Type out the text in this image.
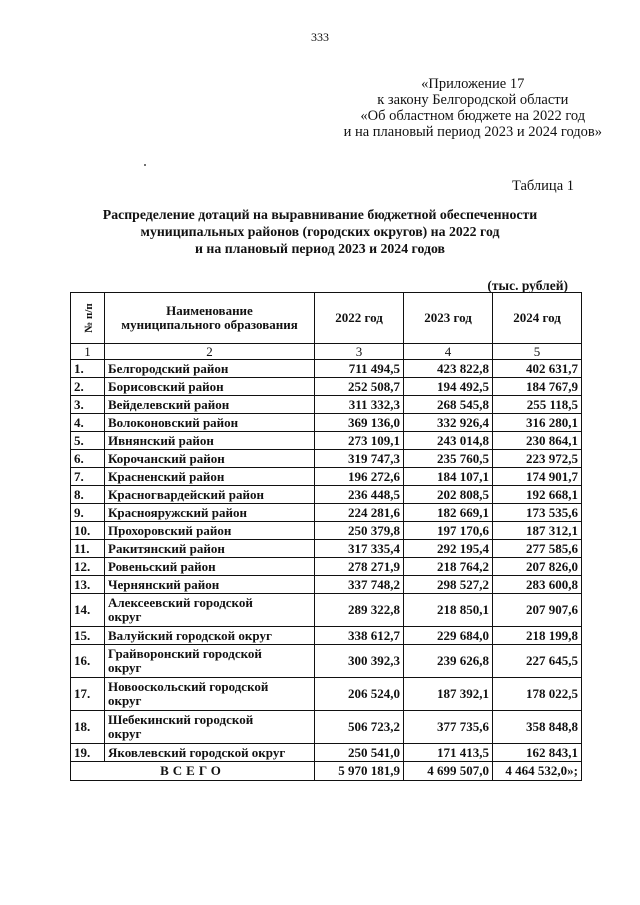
333
«Приложение 17
к закону Белгородской области
«Об областном бюджете на 2022 год
и на плановый период 2023 и 2024 годов»
Таблица 1
Распределение дотаций на выравнивание бюджетной обеспеченности
муниципальных районов (городских округов) на 2022 год
и на плановый период 2023 и 2024 годов
(тыс. рублей)
№ п/п	Наименование
муниципального образования	2022 год	2023 год	2024 год
1	2	3	4	5
1.	Белгородский район	711 494,5	423 822,8	402 631,7
2.	Борисовский район	252 508,7	194 492,5	184 767,9
3.	Вейделевский район	311 332,3	268 545,8	255 118,5
4.	Волоконовский район	369 136,0	332 926,4	316 280,1
5.	Ивнянский район	273 109,1	243 014,8	230 864,1
6.	Корочанский район	319 747,3	235 760,5	223 972,5
7.	Красненский район	196 272,6	184 107,1	174 901,7
8.	Красногвардейский район	236 448,5	202 808,5	192 668,1
9.	Краснояружский район	224 281,6	182 669,1	173 535,6
10.	Прохоровский район	250 379,8	197 170,6	187 312,1
11.	Ракитянский район	317 335,4	292 195,4	277 585,6
12.	Ровеньский район	278 271,9	218 764,2	207 826,0
13.	Чернянский район	337 748,2	298 527,2	283 600,8
14.	Алексеевский городской
округ	289 322,8	218 850,1	207 907,6
15.	Валуйский городской округ	338 612,7	229 684,0	218 199,8
16.	Грайворонский городской
округ	300 392,3	239 626,8	227 645,5
17.	Новооскольский городской
округ	206 524,0	187 392,1	178 022,5
18.	Шебекинский городской
округ	506 723,2	377 735,6	358 848,8
19.	Яковлевский городской округ	250 541,0	171 413,5	162 843,1
ВСЕГО		5 970 181,9	4 699 507,0	4 464 532,0»;
